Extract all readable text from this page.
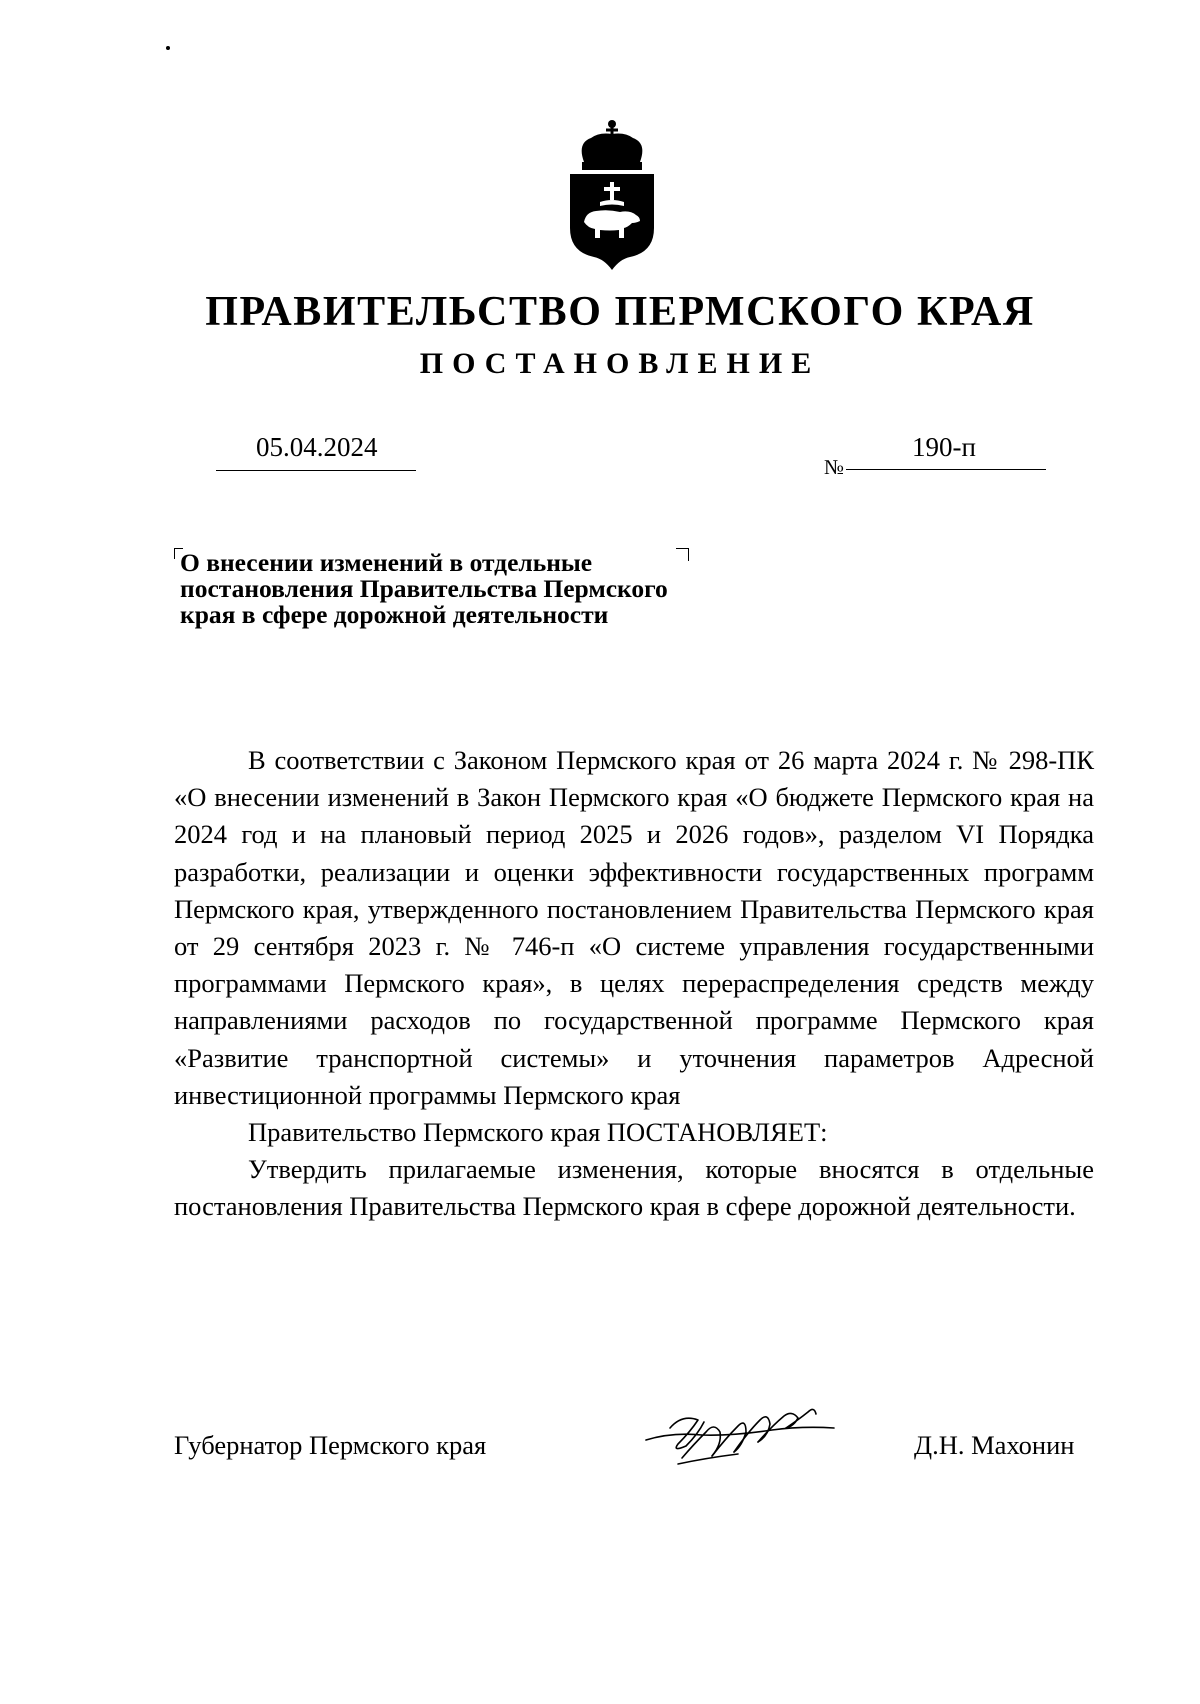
ПРАВИТЕЛЬСТВО ПЕРМСКОГО КРАЯ
ПОСТАНОВЛЕНИЕ
05.04.2024
№
190-п

О внесении изменений в отдельные постановления Правительства Пермского края в сфере дорожной деятельности

В соответствии с Законом Пермского края от 26 марта 2024 г. № 298-ПК «О внесении изменений в Закон Пермского края «О бюджете Пермского края на 2024 год и на плановый период 2025 и 2026 годов», разделом VI Порядка разработки, реализации и оценки эффективности государственных программ Пермского края, утвержденного постановлением Правительства Пермского края от 29 сентября 2023 г. № 746-п «О системе управления государственными программами Пермского края», в целях перераспределения средств между направлениями расходов по государственной программе Пермского края «Развитие транспортной системы» и уточнения параметров Адресной инвестиционной программы Пермского края

Правительство Пермского края ПОСТАНОВЛЯЕТ:

Утвердить прилагаемые изменения, которые вносятся в отдельные постановления Правительства Пермского края в сфере дорожной деятельности.

Губернатор Пермского края	Д.Н. Махонин
